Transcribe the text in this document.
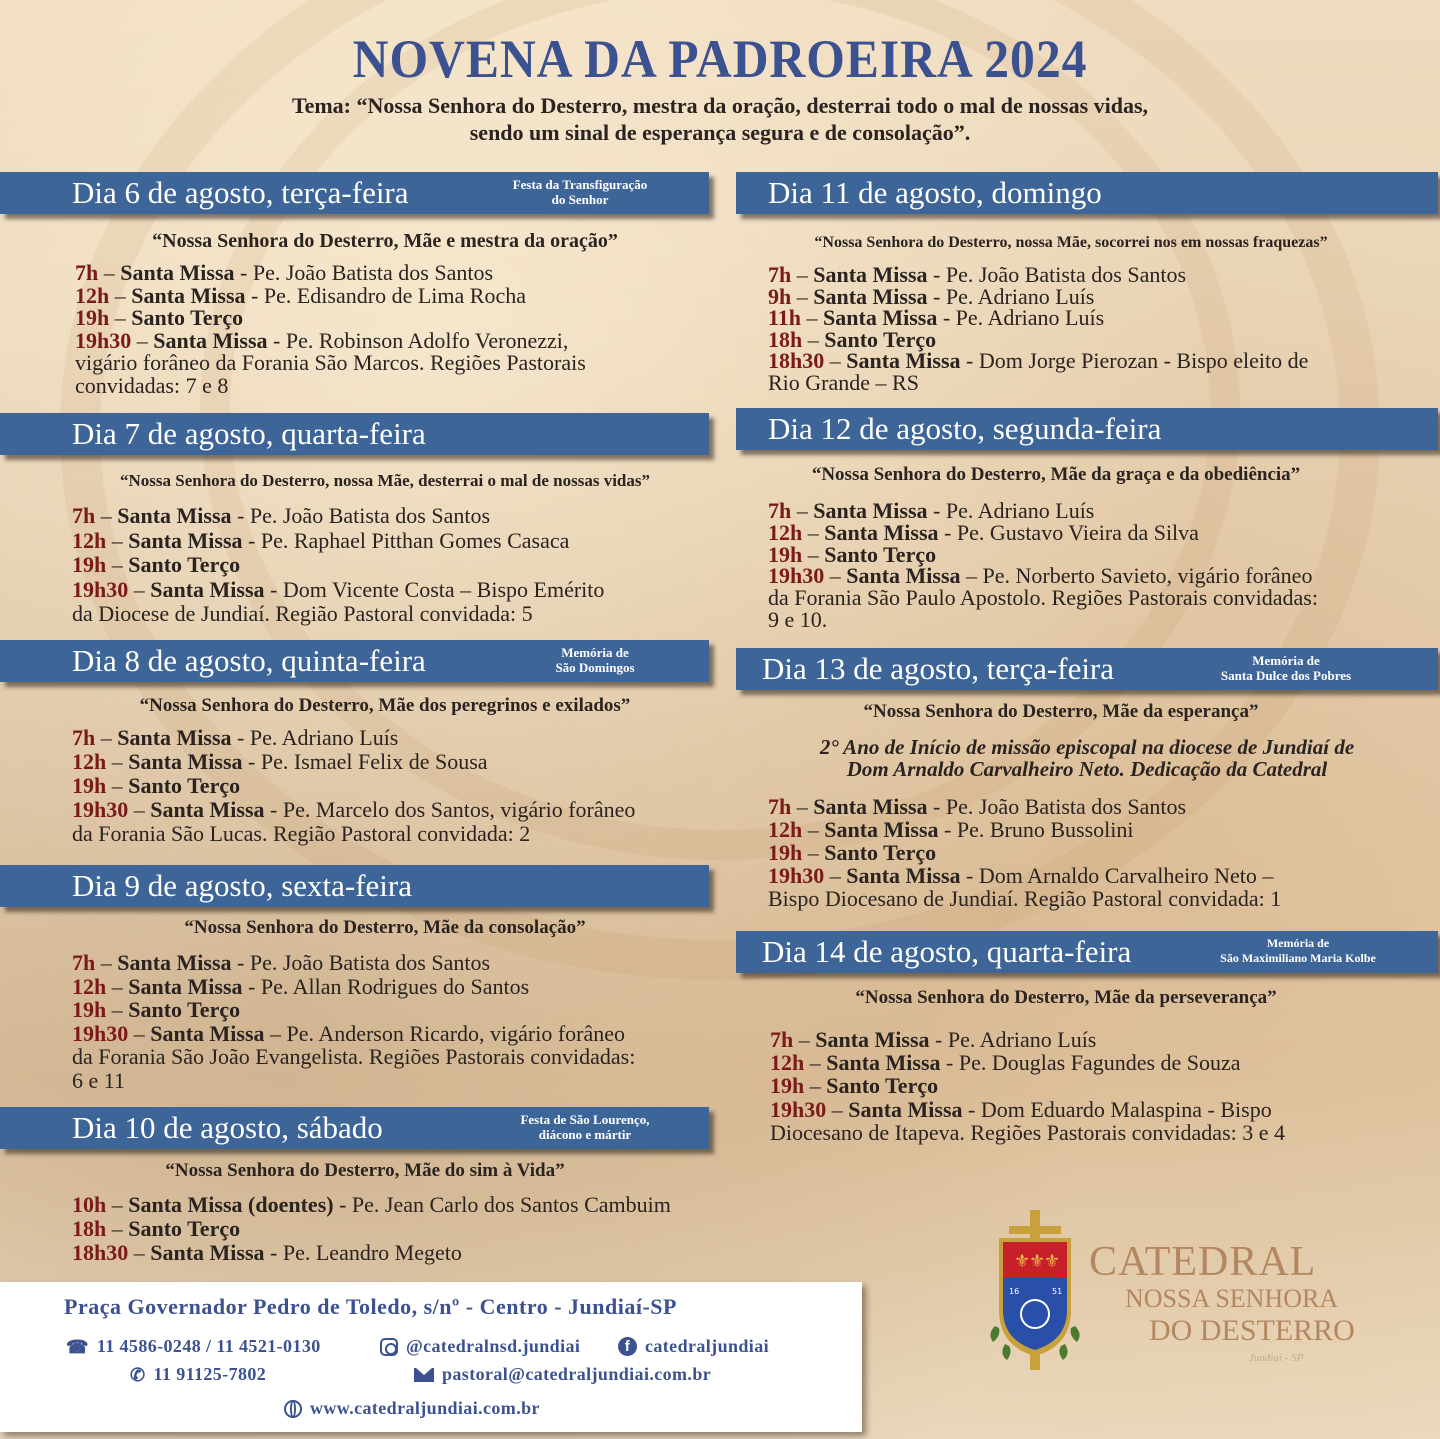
NOVENA DA PADROEIRA 2024
Tema: “Nossa Senhora do Desterro, mestra da oração, desterrai todo o mal de nossas vidas,
sendo um sinal de esperança segura e de consolação”.
Dia 6 de agosto, terça-feira	Festa da Transfiguração
do Senhor
“Nossa Senhora do Desterro, Mãe e mestra da oração”
7h – Santa Missa - Pe. João Batista dos Santos
12h – Santa Missa - Pe. Edisandro de Lima Rocha
19h – Santo Terço
19h30 – Santa Missa - Pe. Robinson Adolfo Veronezzi,
vigário forâneo da Forania São Marcos. Regiões Pastorais
convidadas: 7 e 8
Dia 7 de agosto, quarta-feira
“Nossa Senhora do Desterro, nossa Mãe, desterrai o mal de nossas vidas”
7h – Santa Missa - Pe. João Batista dos Santos
12h – Santa Missa - Pe. Raphael Pitthan Gomes Casaca
19h – Santo Terço
19h30 – Santa Missa - Dom Vicente Costa – Bispo Emérito
da Diocese de Jundiaí. Região Pastoral convidada: 5
Dia 8 de agosto, quinta-feira	Memória de
São Domingos
“Nossa Senhora do Desterro, Mãe dos peregrinos e exilados”
7h – Santa Missa - Pe. Adriano Luís
12h – Santa Missa - Pe. Ismael Felix de Sousa
19h – Santo Terço
19h30 – Santa Missa - Pe. Marcelo dos Santos, vigário forâneo
da Forania São Lucas. Região Pastoral convidada: 2
Dia 9 de agosto, sexta-feira
“Nossa Senhora do Desterro, Mãe da consolação”
7h – Santa Missa - Pe. João Batista dos Santos
12h – Santa Missa - Pe. Allan Rodrigues do Santos
19h – Santo Terço
19h30 – Santa Missa – Pe. Anderson Ricardo, vigário forâneo
da Forania São João Evangelista. Regiões Pastorais convidadas:
6 e 11
Dia 10 de agosto, sábado	Festa de São Lourenço,
diácono e mártir
“Nossa Senhora do Desterro, Mãe do sim à Vida”
10h – Santa Missa (doentes) - Pe. Jean Carlo dos Santos Cambuim
18h – Santo Terço
18h30 – Santa Missa - Pe. Leandro Megeto
Dia 11 de agosto, domingo
“Nossa Senhora do Desterro, nossa Mãe, socorrei nos em nossas fraquezas”
7h – Santa Missa - Pe. João Batista dos Santos
9h – Santa Missa - Pe. Adriano Luís
11h – Santa Missa - Pe. Adriano Luís
18h – Santo Terço
18h30 – Santa Missa - Dom Jorge Pierozan - Bispo eleito de
Rio Grande – RS
Dia 12 de agosto, segunda-feira
“Nossa Senhora do Desterro, Mãe da graça e da obediência”
7h – Santa Missa - Pe. Adriano Luís
12h – Santa Missa - Pe. Gustavo Vieira da Silva
19h – Santo Terço
19h30 – Santa Missa – Pe. Norberto Savieto, vigário forâneo
da Forania São Paulo Apostolo. Regiões Pastorais convidadas:
9 e 10.
Dia 13 de agosto, terça-feira	Memória de
Santa Dulce dos Pobres
“Nossa Senhora do Desterro, Mãe da esperança”
2° Ano de Início de missão episcopal na diocese de Jundiaí de
Dom Arnaldo Carvalheiro Neto. Dedicação da Catedral
7h – Santa Missa - Pe. João Batista dos Santos
12h – Santa Missa - Pe. Bruno Bussolini
19h – Santo Terço
19h30 – Santa Missa - Dom Arnaldo Carvalheiro Neto –
Bispo Diocesano de Jundiaí. Região Pastoral convidada: 1
Dia 14 de agosto, quarta-feira	Memória de
São Maximiliano Maria Kolbe
“Nossa Senhora do Desterro, Mãe da perseverança”
7h – Santa Missa - Pe. Adriano Luís
12h – Santa Missa - Pe. Douglas Fagundes de Souza
19h – Santo Terço
19h30 – Santa Missa - Dom Eduardo Malaspina - Bispo
Diocesano de Itapeva. Regiões Pastorais convidadas: 3 e 4
Praça Governador Pedro de Toledo, s/nº - Centro - Jundiaí-SP
☎ 11 4586-0248 / 11 4521-0130	@catedralnsd.jundiai	f catedraljundiai
✆ 11 91125-7802	pastoral@catedraljundiai.com.br
www.catedraljundiai.com.br
⚜
⚜
⚜
16	51
CATEDRAL
NOSSA SENHORA
DO DESTERRO
Jundiaí - SP
